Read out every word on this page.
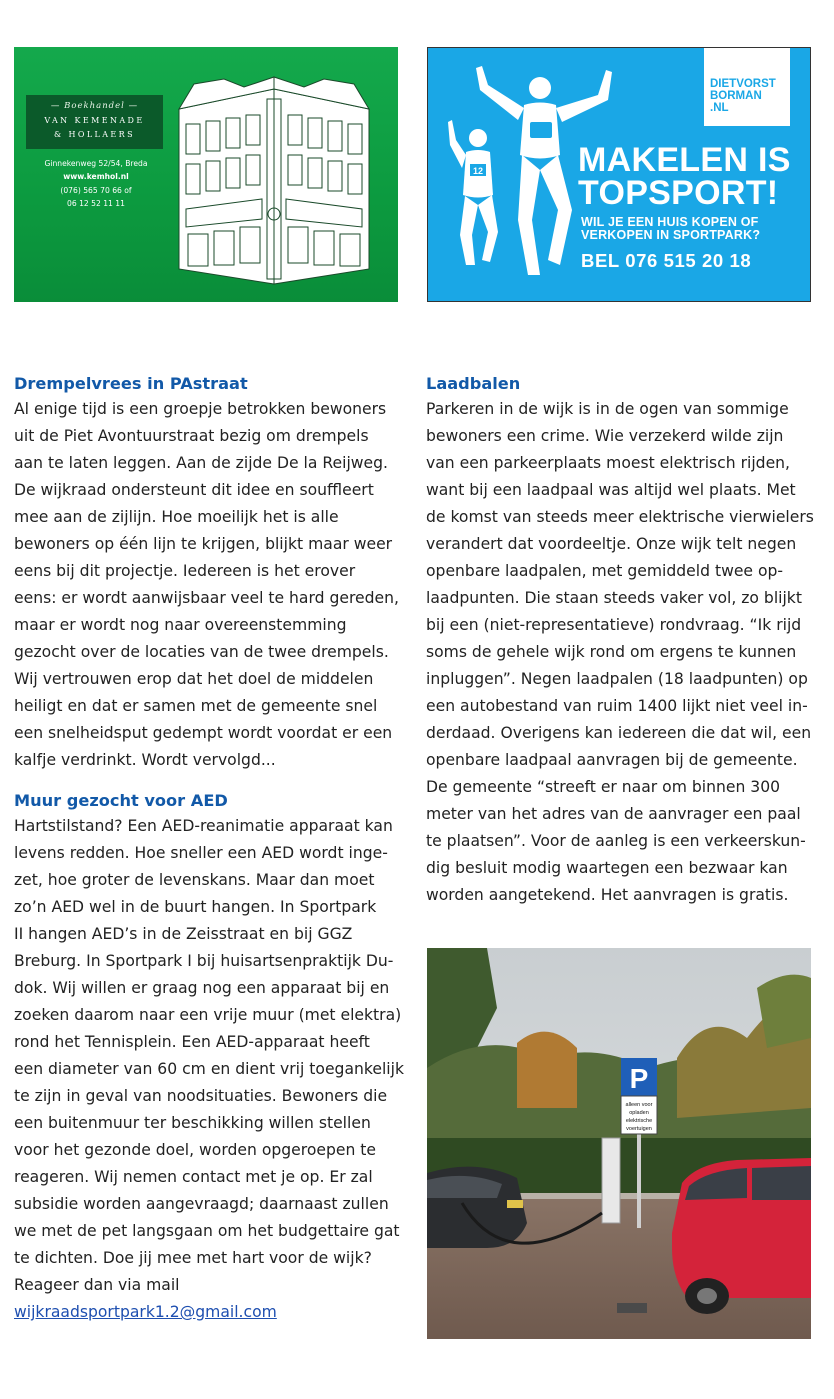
— Boekhandel —
VAN KEMENADE
& HOLLAERS
Ginnekenweg 52/54, Breda
www.kemhol.nl
(076) 565 70 66 of
06 12 52 11 11
12
DIETVORST
BORMAN
.NL
MAKELEN IS
TOPSPORT!
WIL JE EEN HUIS KOPEN OF
VERKOPEN IN SPORTPARK?
BEL 076 515 20 18
Drempelvrees in PAstraat

Al enige tijd is een groepje betrokken bewoners
uit de Piet Avontuurstraat bezig om drempels
aan te laten leggen. Aan de zijde De la Reijweg.
De wijkraad ondersteunt dit idee en souffleert
mee aan de zijlijn. Hoe moeilijk het is alle
bewoners op één lijn te krijgen, blijkt maar weer
eens bij dit projectje. Iedereen is het erover
eens: er wordt aanwijsbaar veel te hard gereden,
maar er wordt nog naar overeenstemming
gezocht over de locaties van de twee drempels.
Wij vertrouwen erop dat het doel de middelen
heiligt en dat er samen met de gemeente snel
een snelheidsput gedempt wordt voordat er een
kalfje verdrinkt. Wordt vervolgd...

Muur gezocht voor AED

Hartstilstand? Een AED-reanimatie apparaat kan
levens redden. Hoe sneller een AED wordt inge-
zet, hoe groter de levenskans. Maar dan moet
zo’n AED wel in de buurt hangen. In Sportpark
II hangen AED’s in de Zeisstraat en bij GGZ
Breburg. In Sportpark I bij huisartsenpraktijk Du-
dok. Wij willen er graag nog een apparaat bij en
zoeken daarom naar een vrije muur (met elektra)
rond het Tennisplein. Een AED-apparaat heeft
een diameter van 60 cm en dient vrij toegankelijk
te zijn in geval van noodsituaties. Bewoners die
een buitenmuur ter beschikking willen stellen
voor het gezonde doel, worden opgeroepen te
reageren. Wij nemen contact met je op. Er zal
subsidie worden aangevraagd; daarnaast zullen
we met de pet langsgaan om het budgettaire gat
te dichten. Doe jij mee met hart voor de wijk?
Reageer dan via mail

wijkraadsportpark1.2@gmail.com
Laadbalen

Parkeren in de wijk is in de ogen van sommige
bewoners een crime. Wie verzekerd wilde zijn
van een parkeerplaats moest elektrisch rijden,
want bij een laadpaal was altijd wel plaats. Met
de komst van steeds meer elektrische vierwielers
verandert dat voordeeltje. Onze wijk telt negen
openbare laadpalen, met gemiddeld twee op-
laadpunten. Die staan steeds vaker vol, zo blijkt
bij een (niet-representatieve) rondvraag. “Ik rijd
soms de gehele wijk rond om ergens te kunnen
inpluggen”. Negen laadpalen (18 laadpunten) op
een autobestand van ruim 1400 lijkt niet veel in-
derdaad. Overigens kan iedereen die dat wil, een
openbare laadpaal aanvragen bij de gemeente.
De gemeente “streeft er naar om binnen 300
meter van het adres van de aanvrager een paal
te plaatsen”. Voor de aanleg is een verkeerskun-
dig besluit modig waartegen een bezwaar kan
worden aangetekend. Het aanvragen is gratis.

P
alleen voor
opladen
elektrische
voertuigen
